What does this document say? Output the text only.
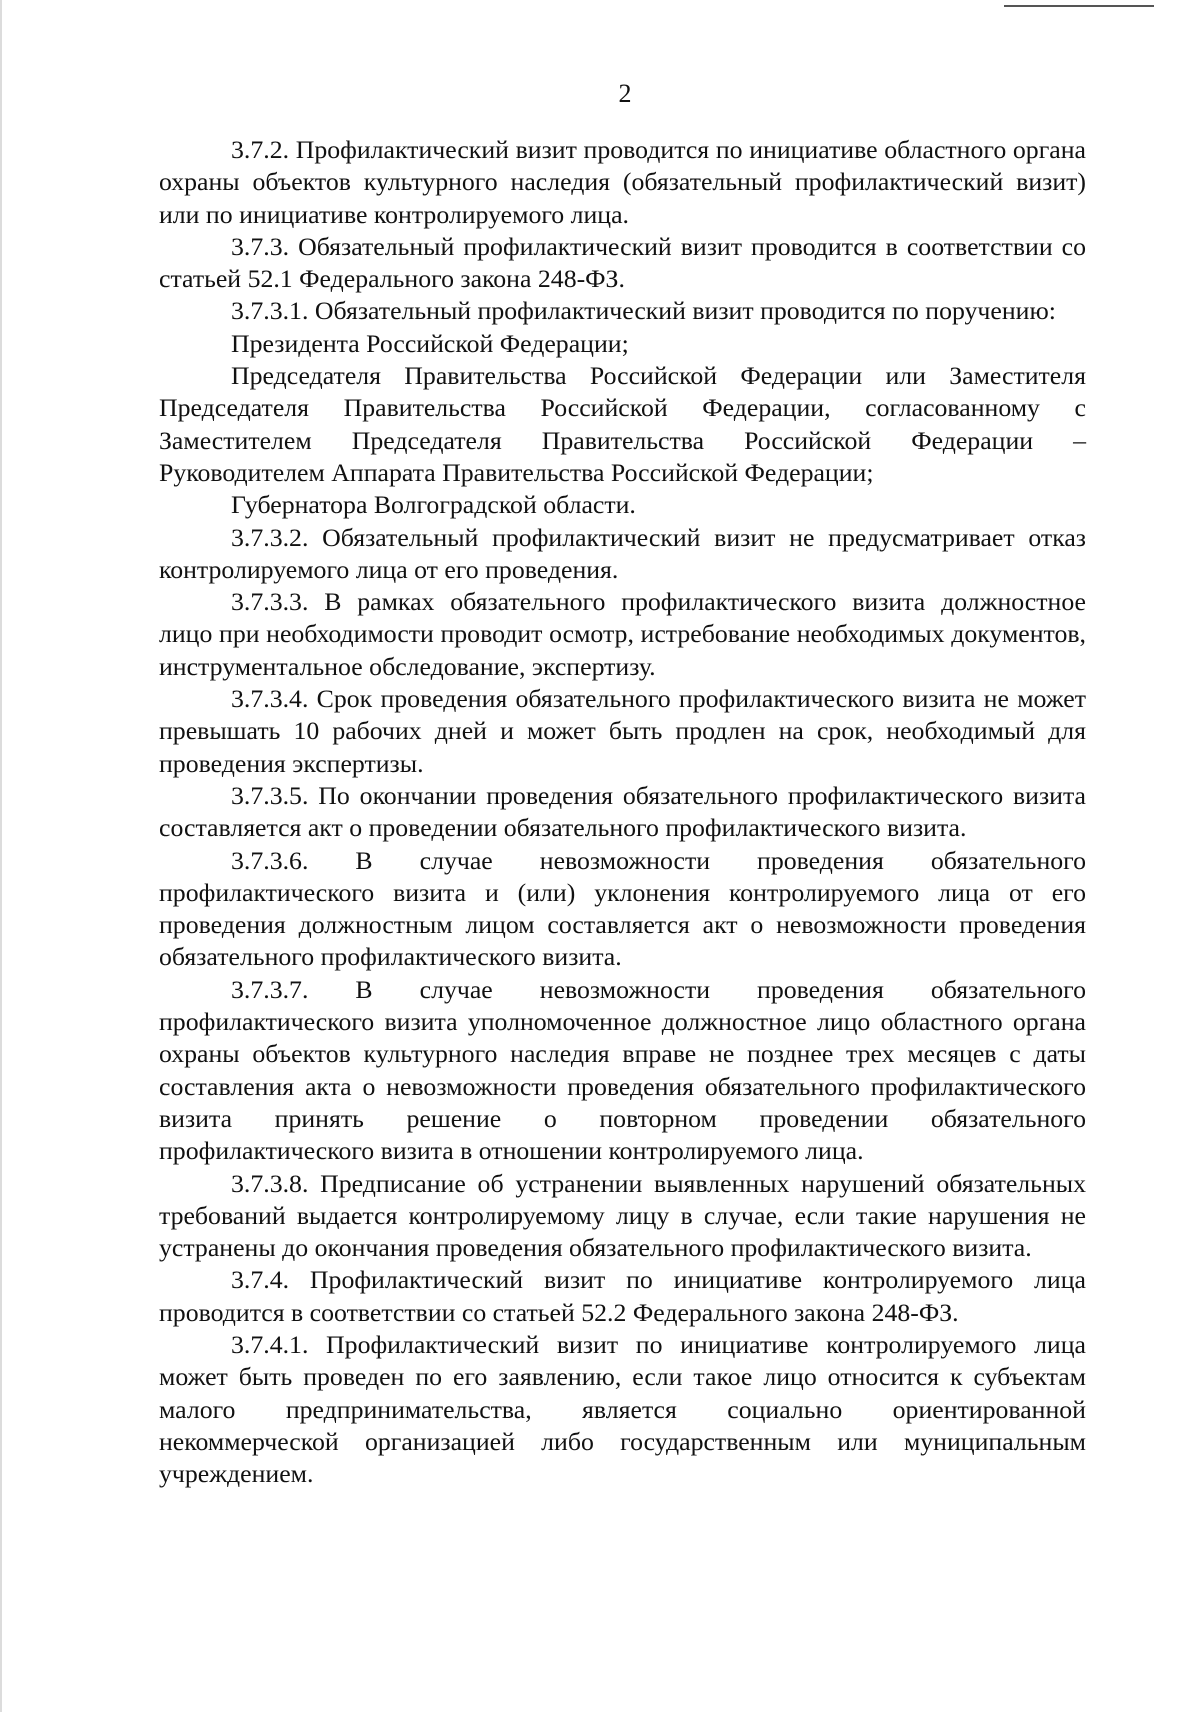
2

3.7.2. Профилактический визит проводится по инициативе областного органа охраны объектов культурного наследия (обязательный профилактический визит) или по инициативе контролируемого лица.

3.7.3. Обязательный профилактический визит проводится в соответствии со статьей 52.1 Федерального закона 248-ФЗ.

3.7.3.1. Обязательный профилактический визит проводится по поручению:

Президента Российской Федерации;

Председателя Правительства Российской Федерации или Заместителя Председателя Правительства Российской Федерации, согласованному с Заместителем Председателя Правительства Российской Федерации – Руководителем Аппарата Правительства Российской Федерации;

Губернатора Волгоградской области.

3.7.3.2. Обязательный профилактический визит не предусматривает отказ контролируемого лица от его проведения.

3.7.3.3. В рамках обязательного профилактического визита должностное лицо при необходимости проводит осмотр, истребование необходимых документов, инструментальное обследование, экспертизу.

3.7.3.4. Срок проведения обязательного профилактического визита не может превышать 10 рабочих дней и может быть продлен на срок, необходимый для проведения экспертизы.

3.7.3.5. По окончании проведения обязательного профилактического визита составляется акт о проведении обязательного профилактического визита.

3.7.3.6. В случае невозможности проведения обязательного профилактического визита и (или) уклонения контролируемого лица от его проведения должностным лицом составляется акт о невозможности проведения обязательного профилактического визита.

3.7.3.7. В случае невозможности проведения обязательного профилактического визита уполномоченное должностное лицо областного органа охраны объектов культурного наследия вправе не позднее трех месяцев с даты составления акта о невозможности проведения обязательного профилактического визита принять решение о повторном проведении обязательного профилактического визита в отношении контролируемого лица.

3.7.3.8. Предписание об устранении выявленных нарушений обязательных требований выдается контролируемому лицу в случае, если такие нарушения не устранены до окончания проведения обязательного профилактического визита.

3.7.4. Профилактический визит по инициативе контролируемого лица проводится в соответствии со статьей 52.2 Федерального закона 248-ФЗ.

3.7.4.1. Профилактический визит по инициативе контролируемого лица может быть проведен по его заявлению, если такое лицо относится к субъектам малого предпринимательства, является социально ориентированной некоммерческой организацией либо государственным или муниципальным учреждением.
